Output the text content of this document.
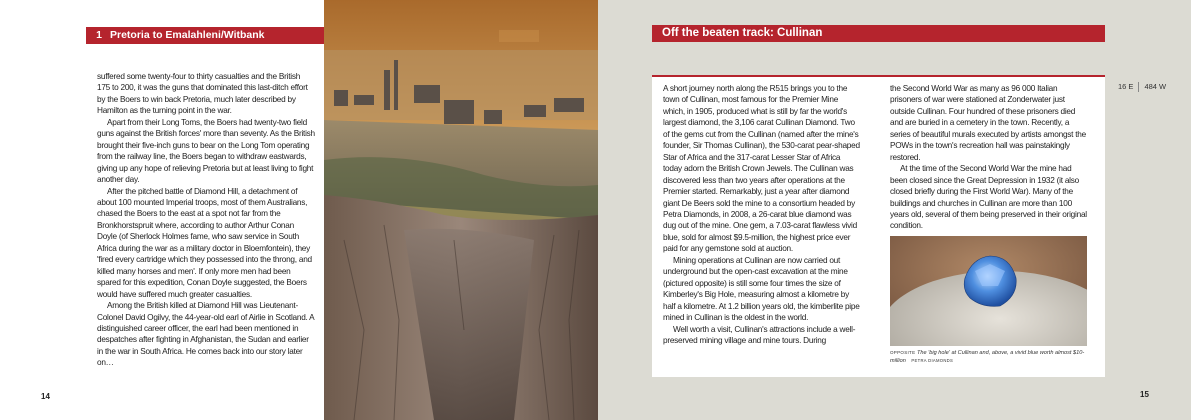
1 Pretoria to Emalahleni/Witbank

suffered some twenty-four to thirty casualties and the British 175 to 200, it was the guns that dominated this last-ditch effort by the Boers to win back Pretoria, much later described by Hamilton as the turning point in the war.

Apart from their Long Toms, the Boers had twenty-two field guns against the British forces' more than seventy. As the British brought their five-inch guns to bear on the Long Tom operating from the railway line, the Boers began to withdraw eastwards, giving up any hope of relieving Pretoria but at least living to fight another day.

After the pitched battle of Diamond Hill, a detachment of about 100 mounted Imperial troops, most of them Australians, chased the Boers to the east at a spot not far from the Bronkhorstspruit where, according to author Arthur Conan Doyle (of Sherlock Holmes fame, who saw service in South Africa during the war as a military doctor in Bloemfontein), they 'fired every cartridge which they possessed into the throng, and killed many horses and men'. If only more men had been spared for this expedition, Conan Doyle suggested, the Boers would have suffered much greater casualties.

Among the British killed at Diamond Hill was Lieutenant-Colonel David Ogilvy, the 44-year-old earl of Airlie in Scotland. A distinguished career officer, the earl had been mentioned in despatches after fighting in Afghanistan, the Sudan and earlier in the war in South Africa. He comes back into our story later on…

14
Off the beaten track: Cullinan
16 E 484 W

A short journey north along the R515 brings you to the town of Cullinan, most famous for the Premier Mine which, in 1905, produced what is still by far the world's largest diamond, the 3,106 carat Cullinan Diamond. Two of the gems cut from the Cullinan (named after the mine's founder, Sir Thomas Cullinan), the 530-carat pear-shaped Star of Africa and the 317-carat Lesser Star of Africa today adorn the British Crown Jewels. The Cullinan was discovered less than two years after operations at the Premier started. Remarkably, just a year after diamond giant De Beers sold the mine to a consortium headed by Petra Diamonds, in 2008, a 26-carat blue diamond was dug out of the mine. One gem, a 7.03-carat flawless vivid blue, sold for almost $9.5-million, the highest price ever paid for any gemstone sold at auction.

Mining operations at Cullinan are now carried out underground but the open-cast excavation at the mine (pictured opposite) is still some four times the size of Kimberley's Big Hole, measuring almost a kilometre by half a kilometre. At 1.2 billion years old, the kimberlite pipe mined in Cullinan is the oldest in the world.

Well worth a visit, Cullinan's attractions include a well-preserved mining village and mine tours. During

the Second World War as many as 96 000 Italian prisoners of war were stationed at Zonderwater just outside Cullinan. Four hundred of these prisoners died and are buried in a cemetery in the town. Recently, a series of beautiful murals executed by artists amongst the POWs in the town's recreation hall was painstakingly restored.

At the time of the Second World War the mine had been closed since the Great Depression in 1932 (it also closed briefly during the First World War). Many of the buildings and churches in Cullinan are more than 100 years old, several of them being preserved in their original condition.

OPPOSITE The 'big hole' at Cullinan and, above, a vivid blue worth almost $10-million PETRA DIAMONDS
15
